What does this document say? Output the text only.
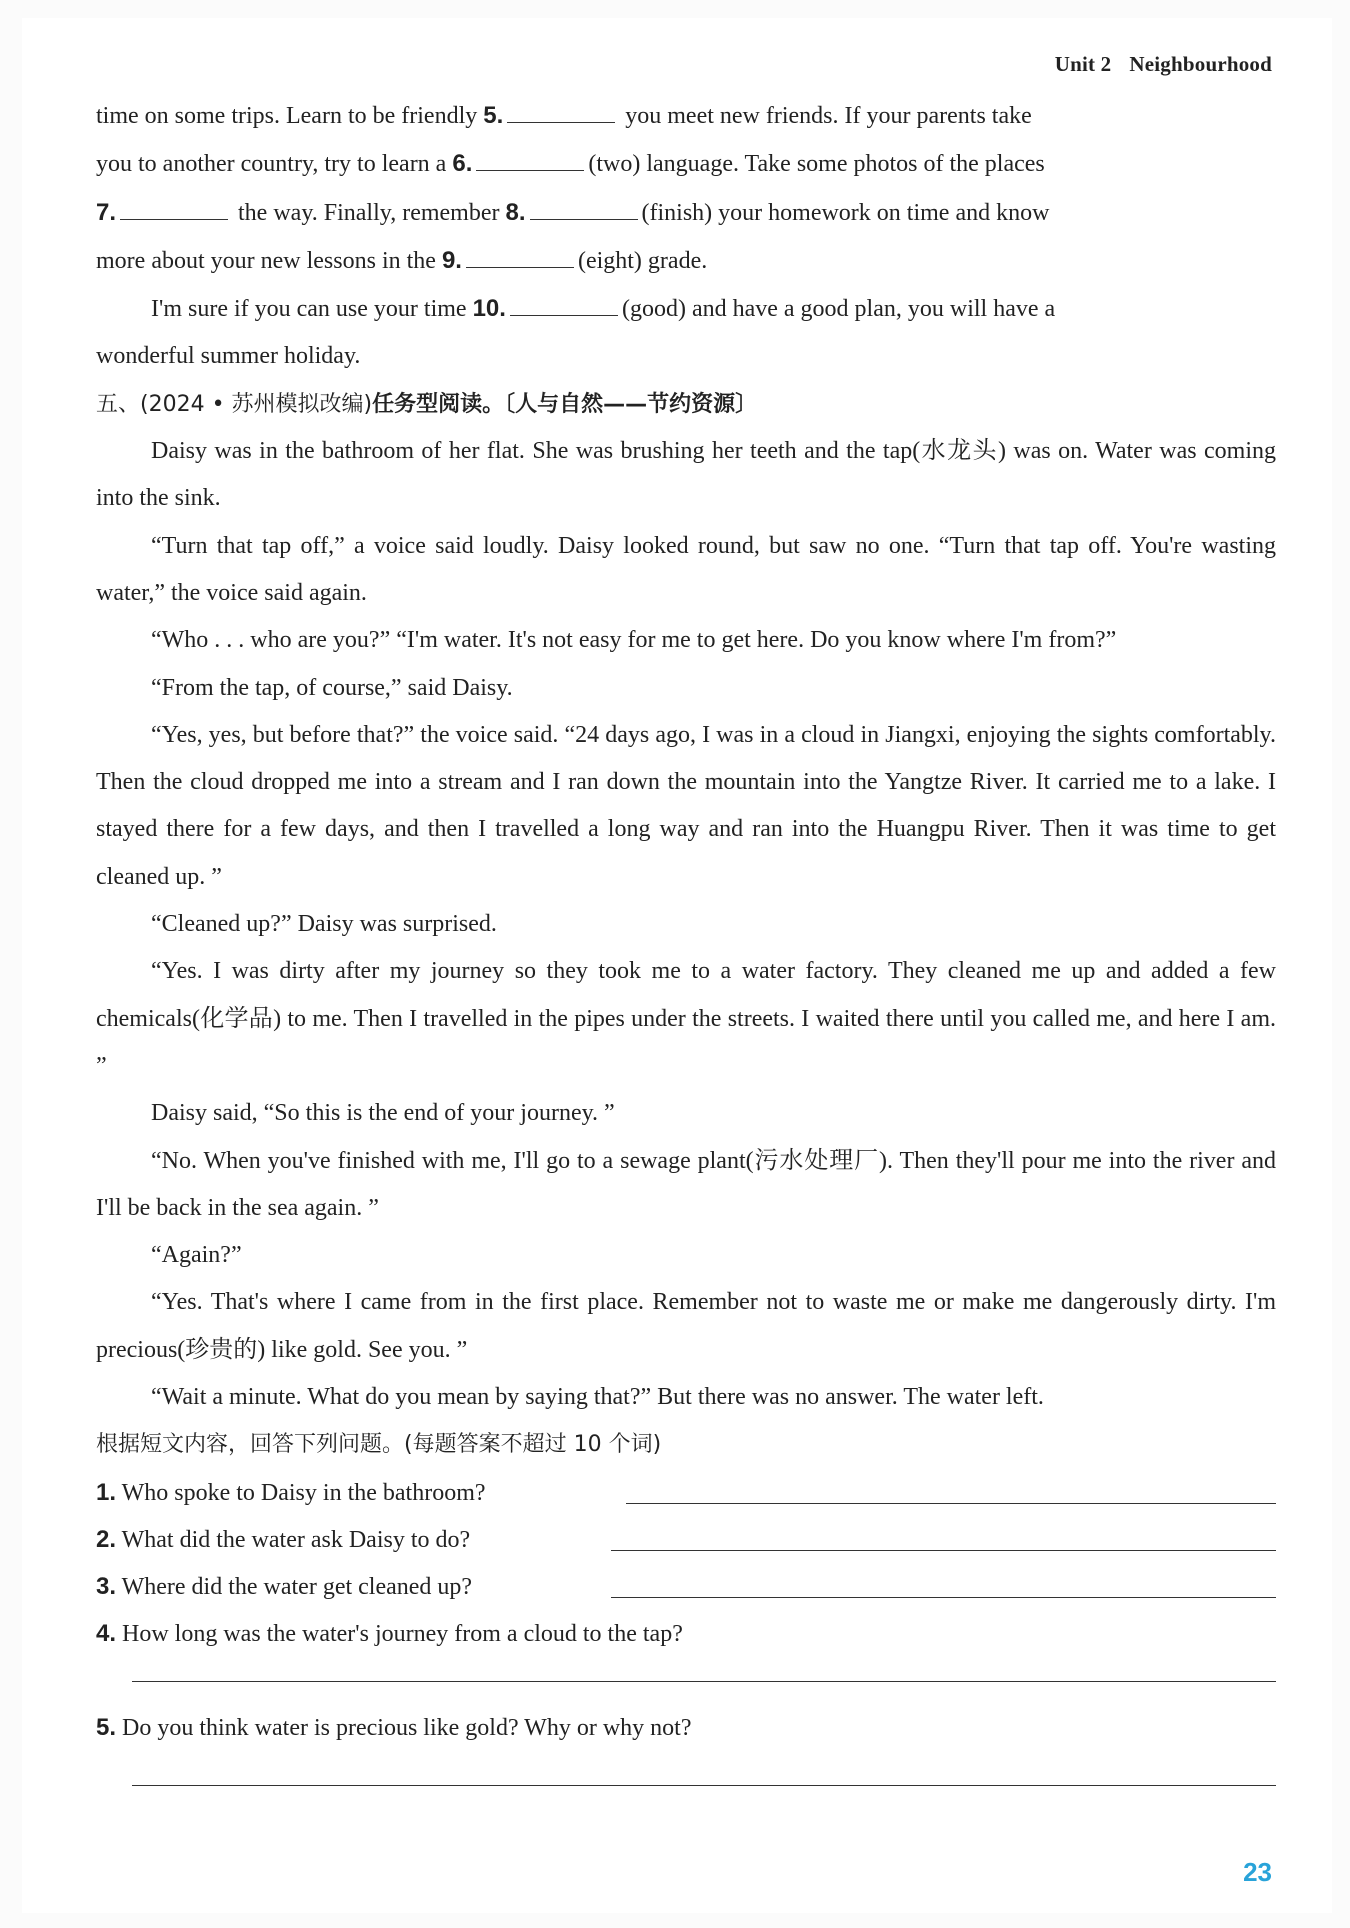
Unit 2 Neighbourhood

time on some trips. Learn to be friendly 5.	you meet new friends. If your parents take

you to another country, try to learn a 6.	(two) language. Take some photos of the places

7.	the way. Finally, remember 8.	(finish) your homework on time and know

more about your new lessons in the 9.	(eight) grade.

I'm sure if you can use your time 10.	(good) and have a good plan, you will have a

wonderful summer holiday.

五、(2024 • 苏州模拟改编)任务型阅读。〔人与自然——节约资源〕

Daisy was in the bathroom of her flat. She was brushing her teeth and the tap(水龙头) was on. Water was coming into the sink.

“Turn that tap off,” a voice said loudly. Daisy looked round, but saw no one. “Turn that tap off. You're wasting water,” the voice said again.

“Who . . . who are you?” “I'm water. It's not easy for me to get here. Do you know where I'm from?”

“From the tap, of course,” said Daisy.

“Yes, yes, but before that?” the voice said. “24 days ago, I was in a cloud in Jiangxi, enjoying the sights comfortably. Then the cloud dropped me into a stream and I ran down the mountain into the Yangtze River. It carried me to a lake. I stayed there for a few days, and then I travelled a long way and ran into the Huangpu River. Then it was time to get cleaned up. ”

“Cleaned up?” Daisy was surprised.

“Yes. I was dirty after my journey so they took me to a water factory. They cleaned me up and added a few chemicals(化学品) to me. Then I travelled in the pipes under the streets. I waited there until you called me, and here I am. ”

Daisy said, “So this is the end of your journey. ”

“No. When you've finished with me, I'll go to a sewage plant(污水处理厂). Then they'll pour me into the river and I'll be back in the sea again. ”

“Again?”

“Yes. That's where I came from in the first place. Remember not to waste me or make me dangerously dirty. I'm precious(珍贵的) like gold. See you. ”

“Wait a minute. What do you mean by saying that?” But there was no answer. The water left.

根据短文内容，回答下列问题。(每题答案不超过 10 个词)

1. Who spoke to Daisy in the bathroom?
2. What did the water ask Daisy to do?
3. Where did the water get cleaned up?
4. How long was the water's journey from a cloud to the tap?
5. Do you think water is precious like gold? Why or why not?
23
